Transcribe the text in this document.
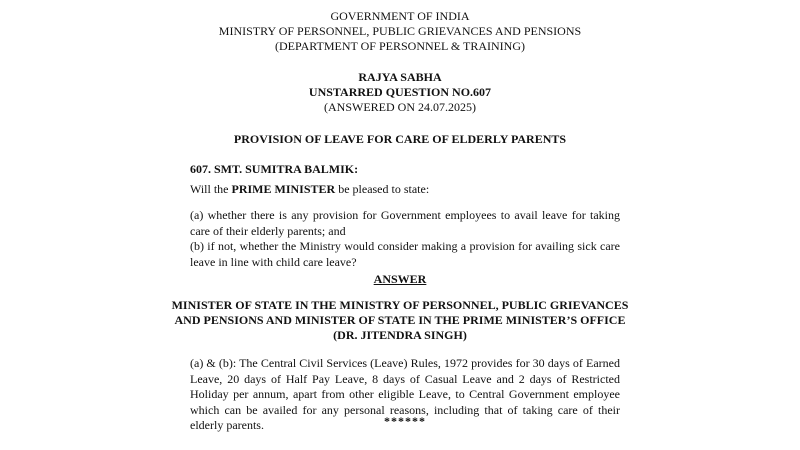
GOVERNMENT OF INDIA
MINISTRY OF PERSONNEL, PUBLIC GRIEVANCES AND PENSIONS
(DEPARTMENT OF PERSONNEL & TRAINING)
RAJYA SABHA
UNSTARRED QUESTION NO.607
(ANSWERED ON 24.07.2025)
PROVISION OF LEAVE FOR CARE OF ELDERLY PARENTS
607. SMT. SUMITRA BALMIK:
Will the PRIME MINISTER be pleased to state:
(a) whether there is any provision for Government employees to avail leave for taking care of their elderly parents; and
(b) if not, whether the Ministry would consider making a provision for availing sick care leave in line with child care leave?
ANSWER
MINISTER OF STATE IN THE MINISTRY OF PERSONNEL, PUBLIC GRIEVANCES
AND PENSIONS AND MINISTER OF STATE IN THE PRIME MINISTER’S OFFICE
(DR. JITENDRA SINGH)
(a) & (b): The Central Civil Services (Leave) Rules, 1972 provides for 30 days of Earned Leave, 20 days of Half Pay Leave, 8 days of Casual Leave and 2 days of Restricted Holiday per annum, apart from other eligible Leave, to Central Government employee which can be availed for any personal reasons, including that of taking care of their elderly parents.	******
